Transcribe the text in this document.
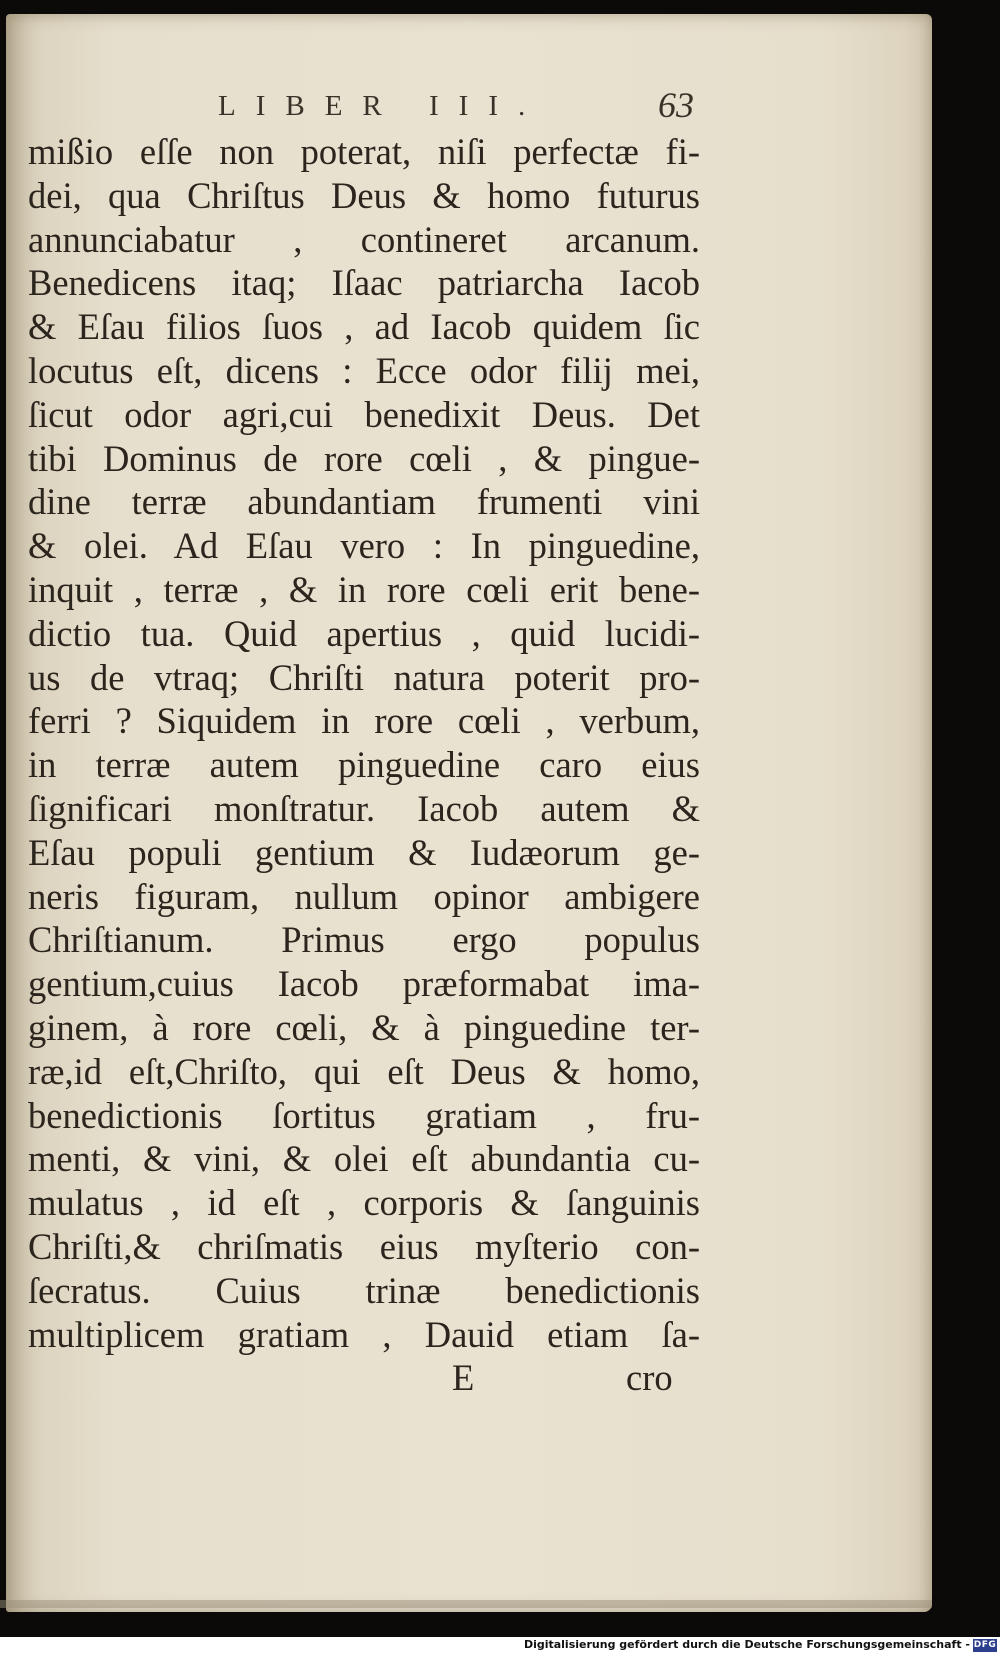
LIBER III.	63
mißio eſſe non poterat, niſi perfectæ fi-
dei, qua Chriſtus Deus & homo futurus
annunciabatur , contineret arcanum.
Benedicens itaq; Iſaac patriarcha Iacob
& Eſau filios ſuos , ad Iacob quidem ſic
locutus eſt, dicens : Ecce odor filij mei,
ſicut odor agri,cui benedixit Deus. Det
tibi Dominus de rore cœli , & pingue-
dine terræ abundantiam frumenti vini
& olei. Ad Eſau vero : In pinguedine,
inquit , terræ , & in rore cœli erit bene-
dictio tua. Quid apertius , quid lucidi-
us de vtraq; Chriſti natura poterit pro-
ferri ? Siquidem in rore cœli , verbum,
in terræ autem pinguedine caro eius
ſignificari monſtratur. Iacob autem &
Eſau populi gentium & Iudæorum ge-
neris figuram, nullum opinor ambigere
Chriſtianum. Primus ergo populus
gentium,cuius Iacob præformabat ima-
ginem, à rore cœli, & à pinguedine ter-
ræ,id eſt,Chriſto, qui eſt Deus & homo,
benedictionis ſortitus gratiam , fru-
menti, & vini, & olei eſt abundantia cu-
mulatus , id eſt , corporis & ſanguinis
Chriſti,& chriſmatis eius myſterio con-
ſecratus. Cuius trinæ benedictionis
multiplicem gratiam , Dauid etiam ſa-
E	cro
Digitalisierung gefördert durch die Deutsche Forschungsgemeinschaft - DFG
